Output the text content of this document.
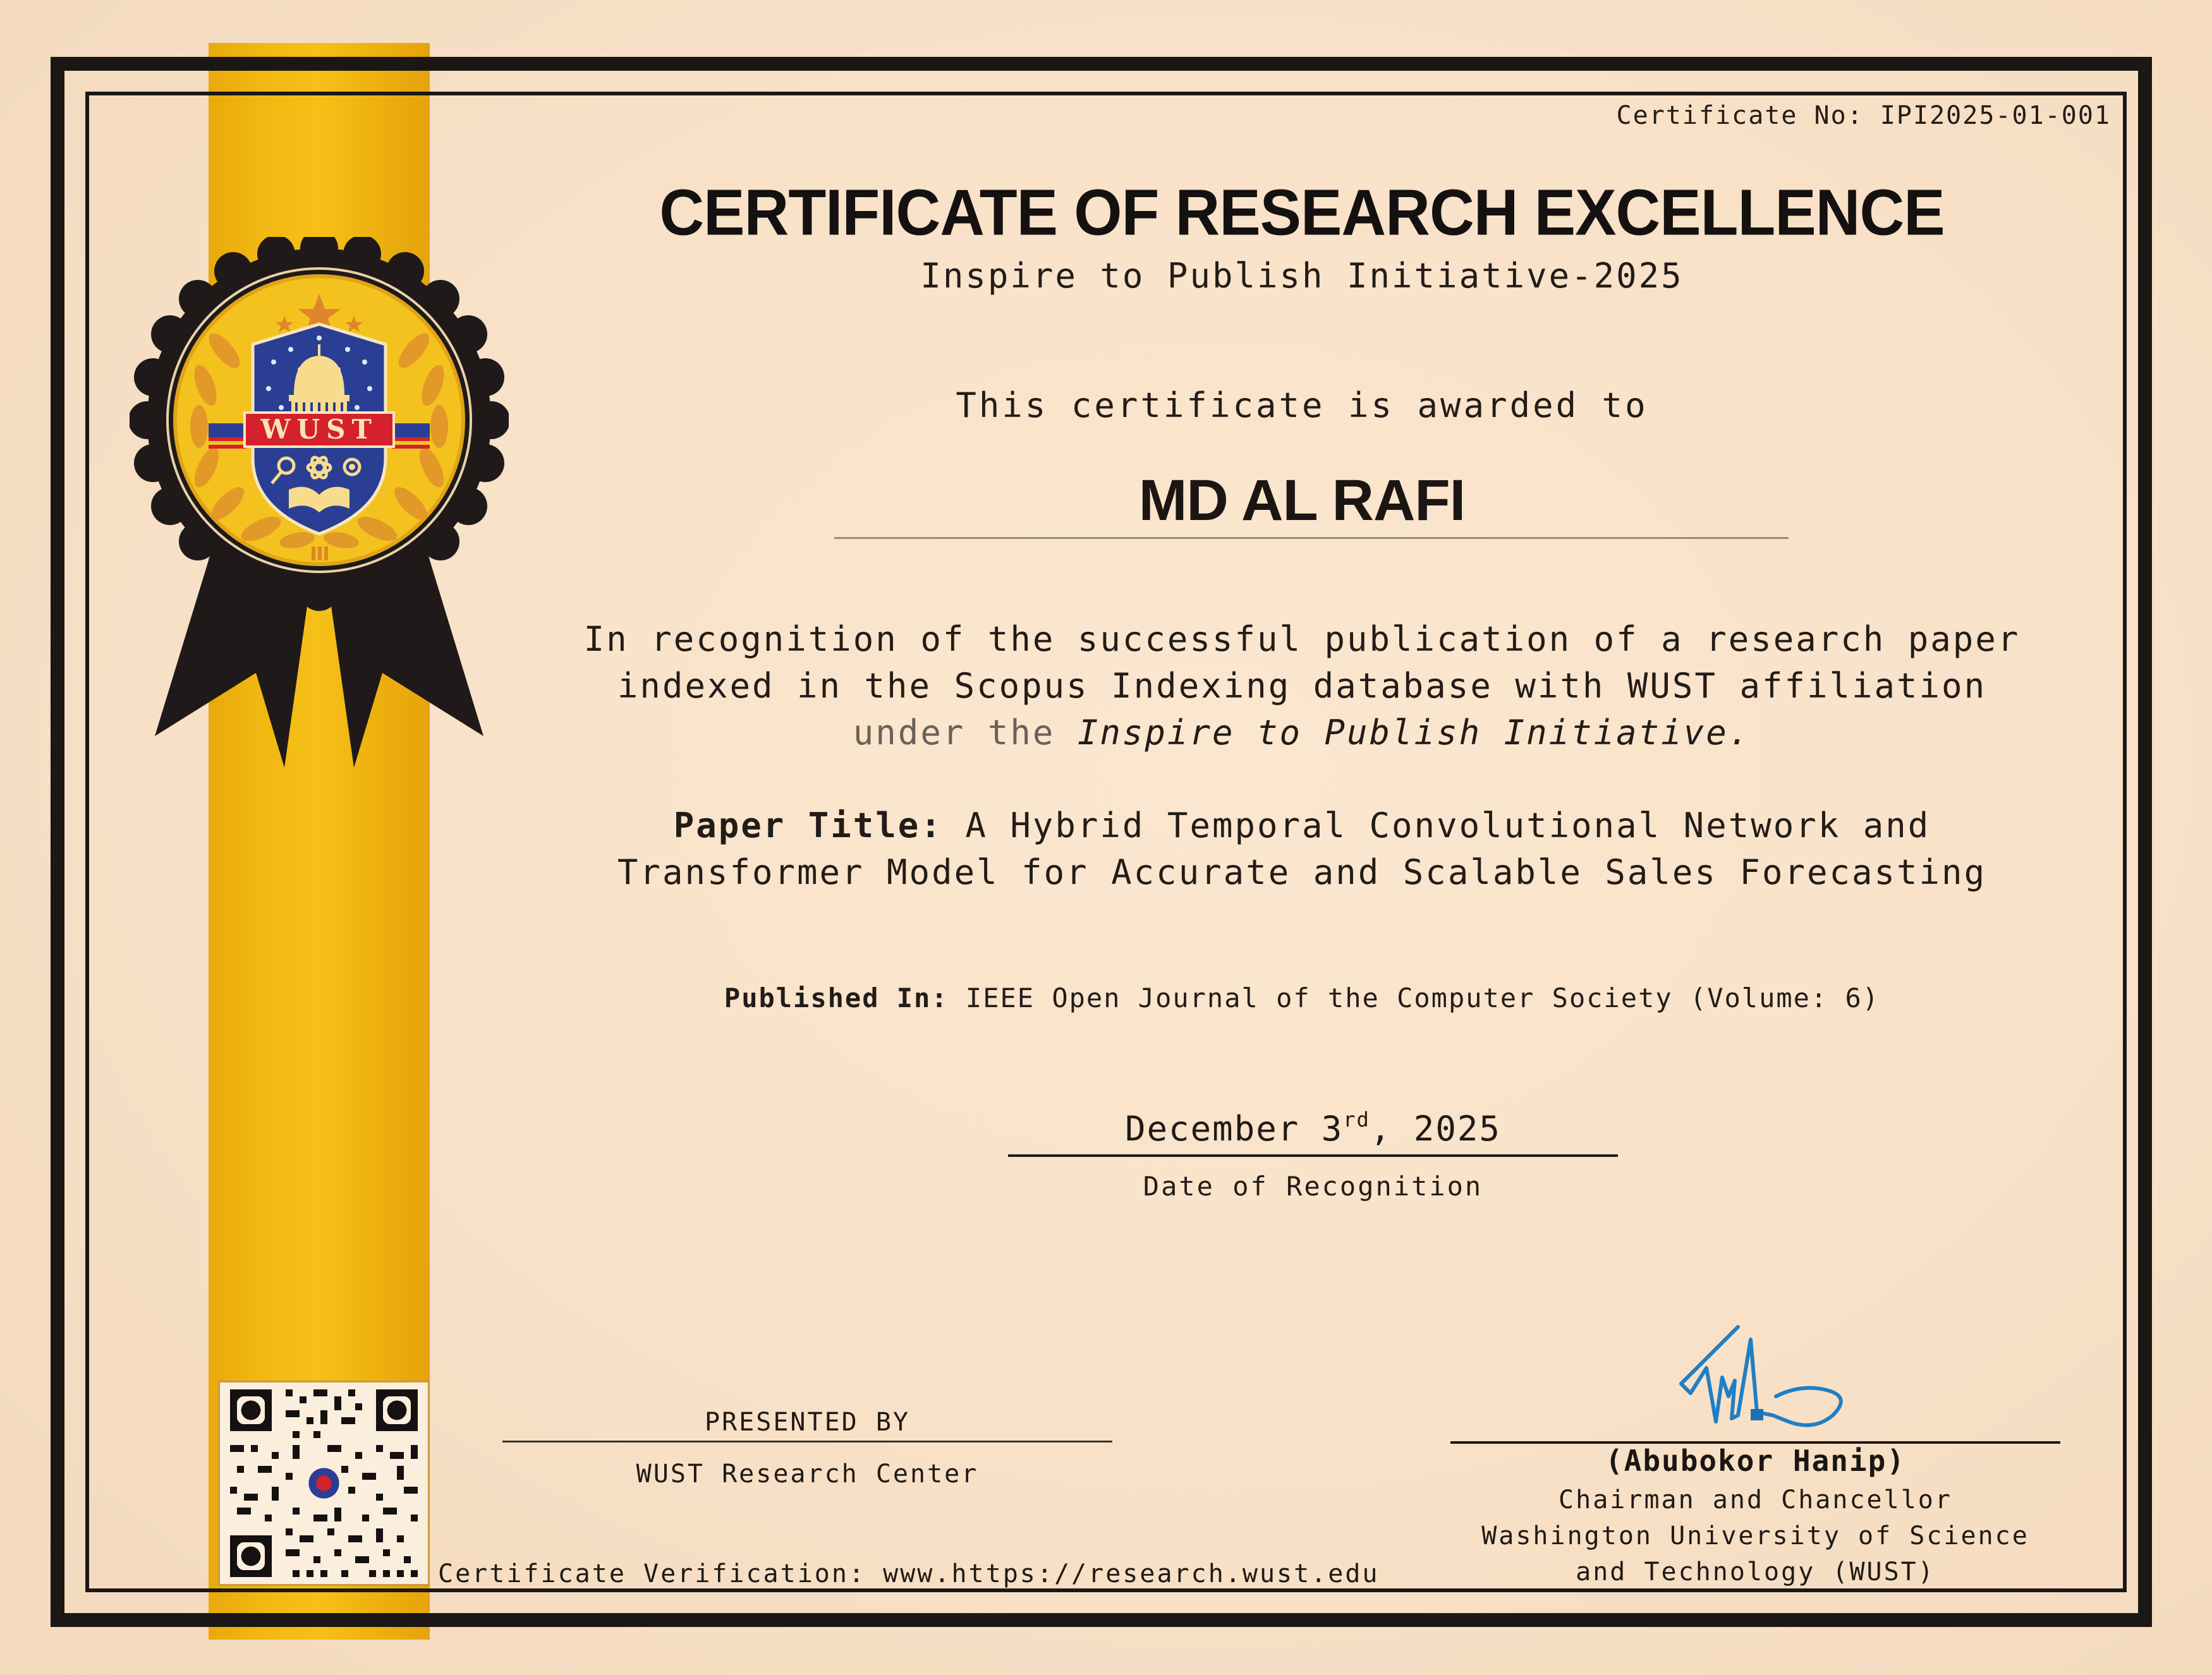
WUST
Certificate No: IPI2025-01-001
CERTIFICATE OF RESEARCH EXCELLENCE
Inspire to Publish Initiative-2025
This certificate is awarded to
MD AL RAFI
In recognition of the successful publication of a research paper
indexed in the Scopus Indexing database with WUST affiliation
under the Inspire to Publish Initiative.
Paper Title: A Hybrid Temporal Convolutional Network and
Transformer Model for Accurate and Scalable Sales Forecasting
Published In: IEEE Open Journal of the Computer Society (Volume: 6)
December 3rd, 2025
Date of Recognition
PRESENTED BY
WUST Research Center	(Abubokor Hanip)
Chairman and Chancellor
Washington University of Science
and Technology (WUST)
Certificate Verification: www.https://research.wust.edu
